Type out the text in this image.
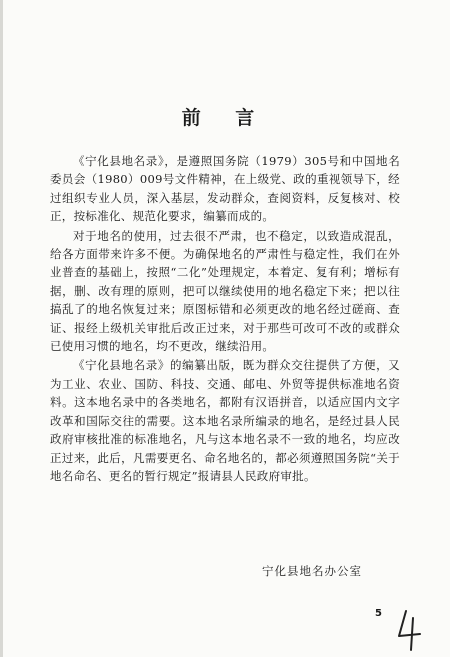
前 言

《宁化县地名录》，是遵照国务院（1979）305号和中国地名委员会（1980）009号文件精神，在上级党、政的重视领导下，经过组织专业人员，深入基层，发动群众，查阅资料，反复核对、校正，按标准化、规范化要求，编纂而成的。

对于地名的使用，过去很不严肃，也不稳定，以致造成混乱，给各方面带来许多不便。为确保地名的严肃性与稳定性，我们在外业普查的基础上，按照“二化”处理规定，本着定、复有利；增标有据，删、改有理的原则，把可以继续使用的地名稳定下来；把以往搞乱了的地名恢复过来；原图标错和必须更改的地名经过磋商、查证、报经上级机关审批后改正过来，对于那些可改可不改的或群众已使用习惯的地名，均不更改，继续沿用。

《宁化县地名录》的编纂出版，既为群众交往提供了方便，又为工业、农业、国防、科技、交通、邮电、外贸等提供标准地名资料。这本地名录中的各类地名，都附有汉语拼音，以适应国内文字改革和国际交往的需要。这本地名录所编录的地名，是经过县人民政府审核批准的标准地名，凡与这本地名录不一致的地名，均应改正过来，此后，凡需要更名、命名地名的，都必须遵照国务院“关于地名命名、更名的暂行规定”报请县人民政府审批。

宁化县地名办公室
5
